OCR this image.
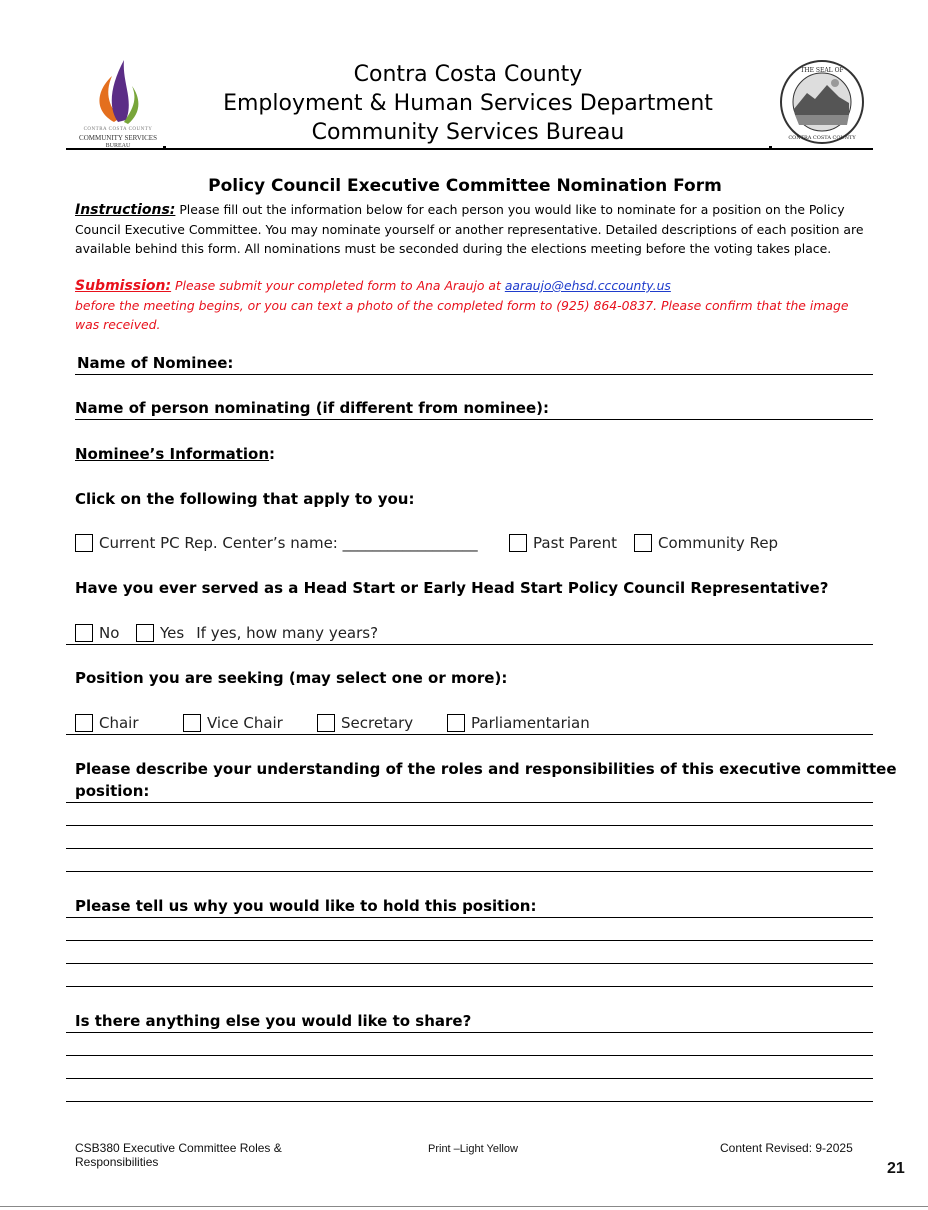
CONTRA COSTA COUNTY
COMMUNITY SERVICES
BUREAU
Contra Costa County
Employment & Human Services Department
Community Services Bureau
THE SEAL OF
CONTRA COSTA COUNTY
Policy Council Executive Committee Nomination Form
Instructions: Please fill out the information below for each person you would like to nominate for a position on the Policy Council Executive Committee. You may nominate yourself or another representative. Detailed descriptions of each position are available behind this form. All nominations must be seconded during the elections meeting before the voting takes place.
Submission: Please submit your completed form to Ana Araujo at aaraujo@ehsd.cccounty.us
before the meeting begins, or you can text a photo of the completed form to (925) 864-0837. Please confirm that the image was received.
Name of Nominee:
Name of person nominating (if different from nominee):
Nominee’s Information:
Click on the following that apply to you:
Current PC Rep. Center’s name: __________________	Past Parent	Community Rep
Have you ever served as a Head Start or Early Head Start Policy Council Representative?
No	Yes If yes, how many years?
Position you are seeking (may select one or more):
Chair	Vice Chair	Secretary	Parliamentarian
Please describe your understanding of the roles and responsibilities of this executive committee
position:
Please tell us why you would like to hold this position:
Is there anything else you would like to share?
CSB380 Executive Committee Roles &
Responsibilities
Print –Light Yellow	Content Revised: 9-2025
21
